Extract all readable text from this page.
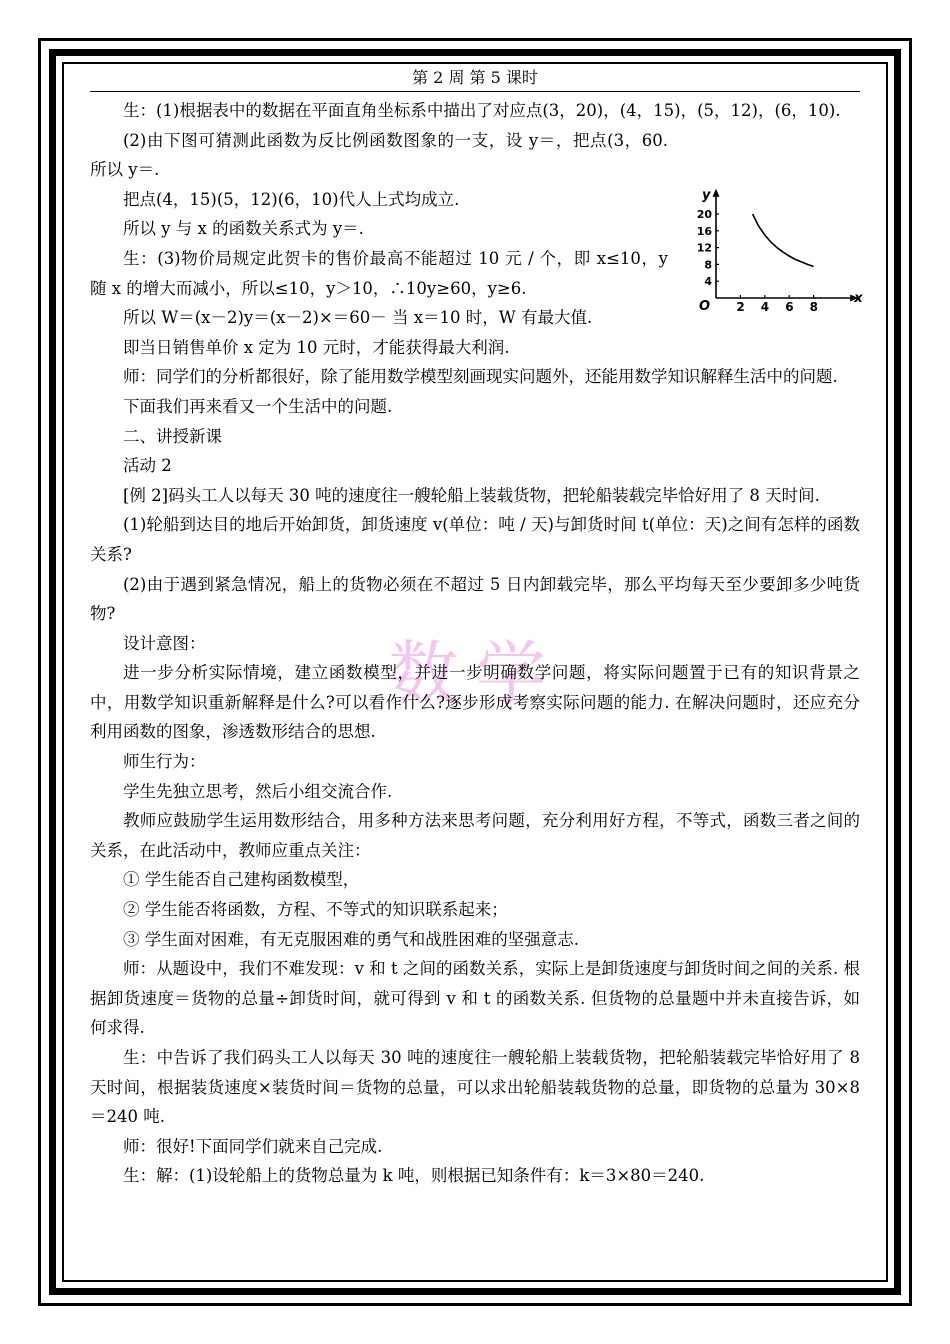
第 2 周 第 5 课时
数学

生：(1)根据表中的数据在平面直角坐标系中描出了对应点(3，20)，(4，15)，(5，12)，(6，10).

(2)由下图可猜测此函数为反比例函数图象的一支，设 y＝，把点(3，60. 所以 y＝.

把点(4，15)(5，12)(6，10)代人上式均成立.

所以 y 与 x 的函数关系式为 y＝.

生：(3)物价局规定此贺卡的售价最高不能超过 10 元 / 个，即 x≤10，y 随 x 的增大而减小，所以≤10，y＞10，∴10y≥60，y≥6.

所以 W＝(x－2)y＝(x－2)×＝60－ 当 x＝10 时，W 有最大值.

即当日销售单价 x 定为 10 元时，才能获得最大利润.

师：同学们的分析都很好，除了能用数学模型刻画现实问题外，还能用数学知识解释生活中的问题.

下面我们再来看又一个生活中的问题.

二、讲授新课

活动 2

[例 2]码头工人以每天 30 吨的速度往一艘轮船上装载货物，把轮船装载完毕恰好用了 8 天时间.

(1)轮船到达目的地后开始卸货，卸货速度 v(单位：吨 / 天)与卸货时间 t(单位：天)之间有怎样的函数关系?

(2)由于遇到紧急情况，船上的货物必须在不超过 5 日内卸载完毕，那么平均每天至少要卸多少吨货物?

设计意图：

进一步分析实际情境，建立函数模型，并进一步明确数学问题，将实际问题置于已有的知识背景之中，用数学知识重新解释是什么?可以看作什么?逐步形成考察实际问题的能力. 在解决问题时，还应充分利用函数的图象，渗透数形结合的思想.

师生行为：

学生先独立思考，然后小组交流合作.

教师应鼓励学生运用数形结合，用多种方法来思考问题，充分利用好方程，不等式，函数三者之间的关系，在此活动中，教师应重点关注：

① 学生能否自己建构函数模型，

② 学生能否将函数，方程、不等式的知识联系起来；

③ 学生面对困难，有无克服困难的勇气和战胜困难的坚强意志.

师：从题设中，我们不难发现：v 和 t 之间的函数关系，实际上是卸货速度与卸货时间之间的关系. 根据卸货速度＝货物的总量÷卸货时间，就可得到 v 和 t 的函数关系. 但货物的总量题中并未直接告诉，如何求得.

生：中告诉了我们码头工人以每天 30 吨的速度往一艘轮船上装载货物，把轮船装载完毕恰好用了 8 天时间，根据装货速度×装货时间＝货物的总量，可以求出轮船装载货物的总量，即货物的总量为 30×8＝240 吨.

师：很好!下面同学们就来自己完成.

生：解：(1)设轮船上的货物总量为 k 吨，则根据已知条件有：k＝3×80＝240.

x
y
O 2 4 6 8
4
8
12
16
20
